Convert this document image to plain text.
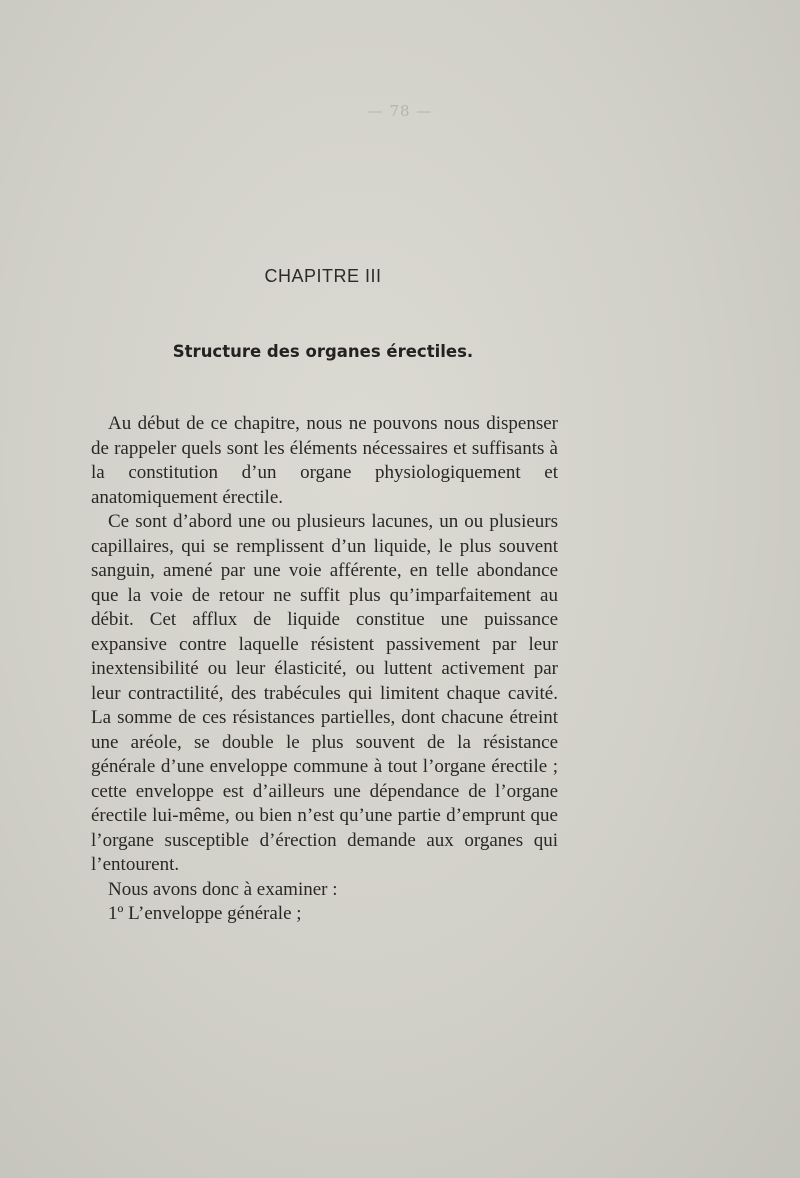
— 78 —
CHAPITRE III
Structure des organes érectiles.

Au début de ce chapitre, nous ne pouvons nous dispenser de rappeler quels sont les éléments nécessaires et suffisants à la constitution d’un organe physiologiquement et anatomiquement érectile.

Ce sont d’abord une ou plusieurs lacunes, un ou plusieurs capillaires, qui se remplissent d’un liquide, le plus souvent sanguin, amené par une voie afférente, en telle abondance que la voie de retour ne suffit plus qu’imparfaitement au débit. Cet afflux de liquide constitue une puissance expansive contre laquelle résistent passivement par leur inextensibilité ou leur élasticité, ou luttent activement par leur contractilité, des trabécules qui limitent chaque cavité. La somme de ces résistances partielles, dont chacune étreint une aréole, se double le plus souvent de la résistance générale d’une enveloppe commune à tout l’organe érectile ; cette enveloppe est d’ailleurs une dépendance de l’organe érectile lui-même, ou bien n’est qu’une partie d’emprunt que l’organe susceptible d’érection demande aux organes qui l’entourent.

Nous avons donc à examiner :

1º L’enveloppe générale ;
